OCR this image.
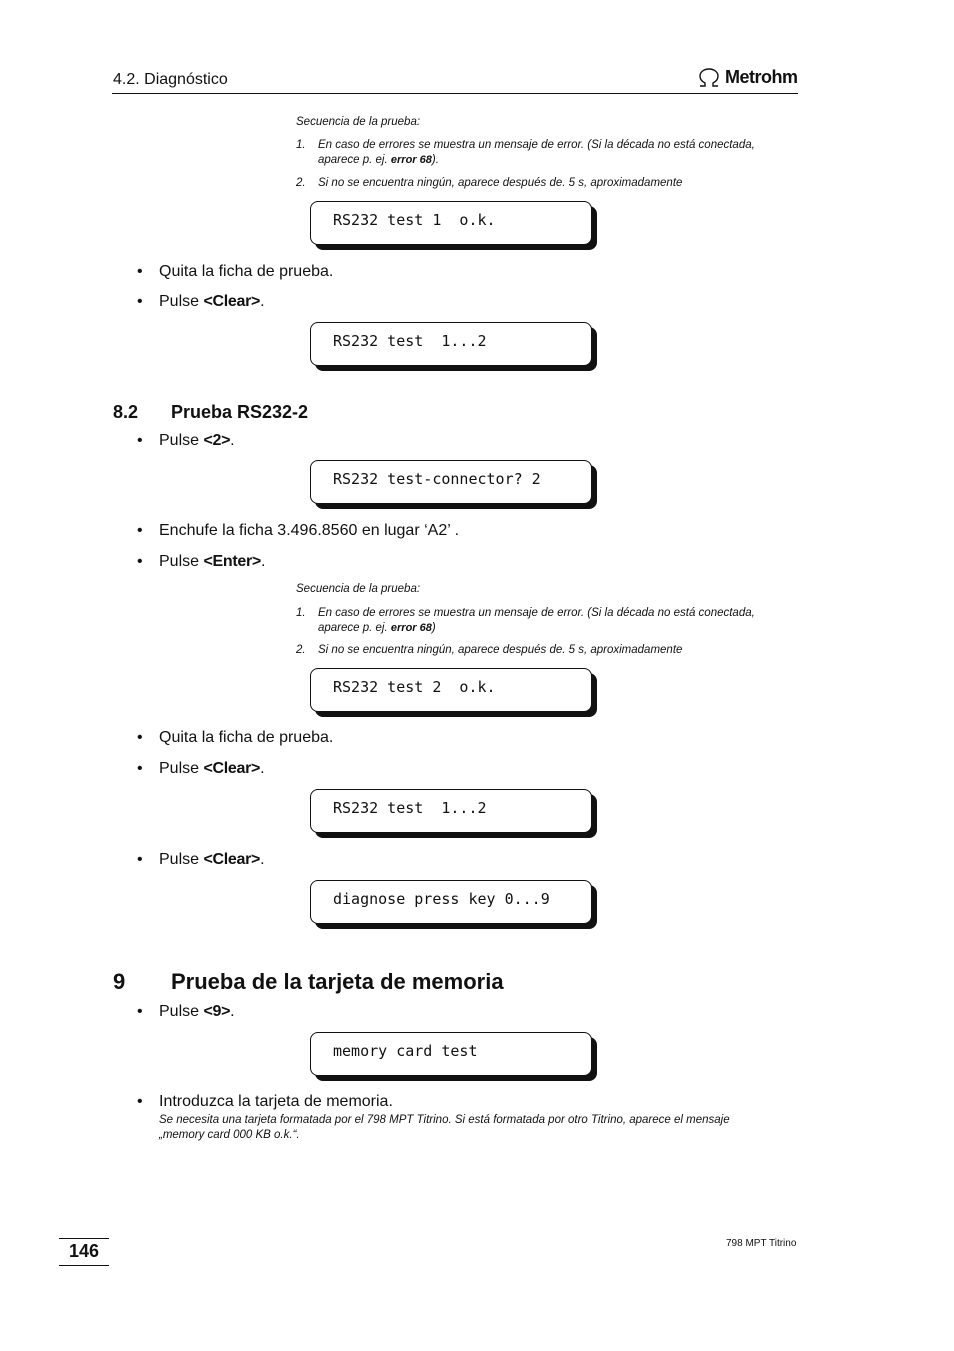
4.2. Diagnóstico	Metrohm
Secuencia de la prueba:
1. En caso de errores se muestra un mensaje de error. (Si la década no está conectada,
aparece p. ej. error 68).
2. Si no se encuentra ningún, aparece después de. 5 s, aproximadamente
RS232 test 1  o.k.
• Quita la ficha de prueba.
• Pulse <Clear>.
RS232 test  1...2
8.2 Prueba RS232-2
• Pulse <2>.
RS232 test-connector? 2
• Enchufe la ficha 3.496.8560 en lugar ‘A2’ .
• Pulse <Enter>.
Secuencia de la prueba:
1. En caso de errores se muestra un mensaje de error. (Si la década no está conectada,
aparece p. ej. error 68)
2. Si no se encuentra ningún, aparece después de. 5 s, aproximadamente
RS232 test 2  o.k.
• Quita la ficha de prueba.
• Pulse <Clear>.
RS232 test  1...2
• Pulse <Clear>.
diagnose press key 0...9
9 Prueba de la tarjeta de memoria
• Pulse <9>.
memory card test
• Introduzca la tarjeta de memoria.
Se necesita una tarjeta formatada por el 798 MPT Titrino. Si está formatada por otro Titrino, aparece el mensaje
„memory card 000 KB o.k.“.
146	798 MPT Titrino
